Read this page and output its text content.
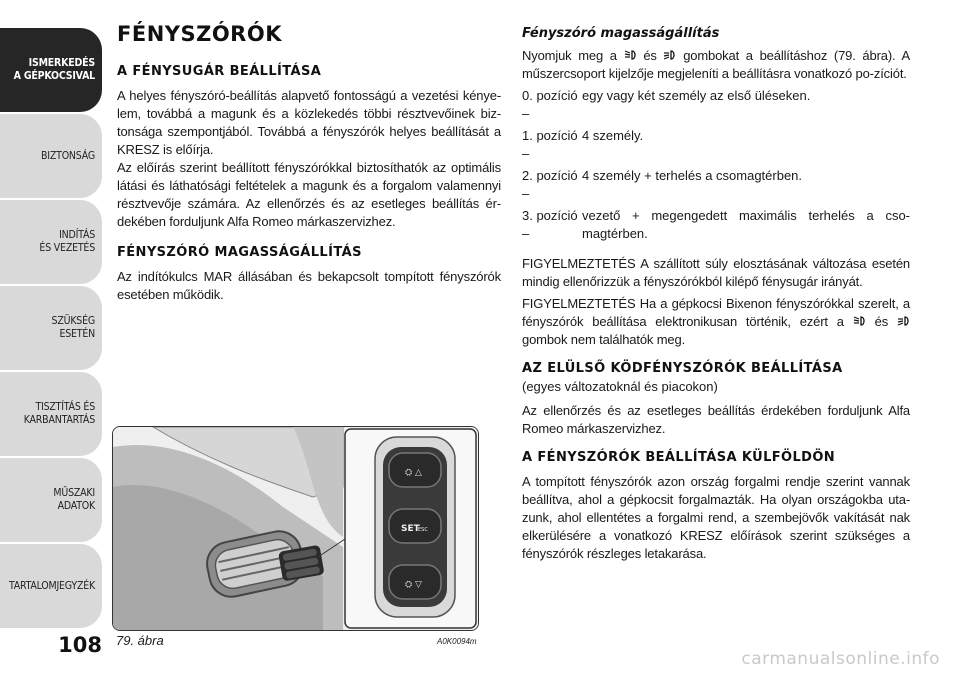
ISMERKEDÉS
A GÉPKOCSIVAL
BIZTONSÁG
INDÍTÁS
ÉS VEZETÉS
SZÜKSÉG
ESETÉN
TISZTÍTÁS ÉS
KARBANTARTÁS
MŰSZAKI
ADATOK
TARTALOMJEGYZÉK
108
FÉNYSZÓRÓK
A FÉNYSUGÁR BEÁLLÍTÁSA

A helyes fényszóró-beállítás alapvető fontosságú a vezetési kénye-lem, továbbá a magunk és a közlekedés többi résztvevőinek biz-tonsága szempontjából. Továbbá a fényszórók helyes beállítását a KRESZ is előírja.

Az előírás szerint beállított fényszórókkal biztosíthatók az optimális látási és láthatósági feltételek a magunk és a forgalom valamennyi résztvevője számára. Az ellenőrzés és az esetleges beállítás ér-dekében forduljunk Alfa Romeo márkaszervizhez.

FÉNYSZÓRÓ MAGASSÁGÁLLÍTÁS

Az indítókulcs MAR állásában és bekapcsolt tompított fényszórók esetében működik.

⛭ △
SET
ESC
⛭ ▽
79. ábra	A0K0094m
Fényszóró magasságállítás

Nyomjuk meg a és gombokat a beállításhoz (79. ábra). A műszercsoport kijelzője megjeleníti a beállításra vonatkozó po-zíciót.

0. pozíció –
egy vagy két személy az első üléseken.
1. pozíció –
4 személy.
2. pozíció –
4 személy + terhelés a csomagtérben.
3. pozíció –
vezető + megengedett maximális terhelés a cso-magtérben.

FIGYELMEZTETÉS A szállított súly elosztásának változása esetén mindig ellenőrizzük a fényszórókból kilépő fénysugár irányát.

FIGYELMEZTETÉS Ha a gépkocsi Bixenon fényszórókkal szerelt, a fényszórók beállítása elektronikusan történik, ezért a és  gombok nem találhatók meg.

AZ ELÜLSŐ KÖDFÉNYSZÓRÓK BEÁLLÍTÁSA
(egyes változatoknál és piacokon)

Az ellenőrzés és az esetleges beállítás érdekében forduljunk Alfa Romeo márkaszervizhez.

A FÉNYSZÓRÓK BEÁLLÍTÁSA KÜLFÖLDÖN

A tompított fényszórók azon ország forgalmi rendje szerint vannak beállítva, ahol a gépkocsit forgalmazták. Ha olyan országokba uta-zunk, ahol ellentétes a forgalmi rend, a szembejövők vakítását nak elkerülésére a vonatkozó KRESZ előírások szerint szükséges a fényszórók részleges letakarása.

carmanualsonline.info
